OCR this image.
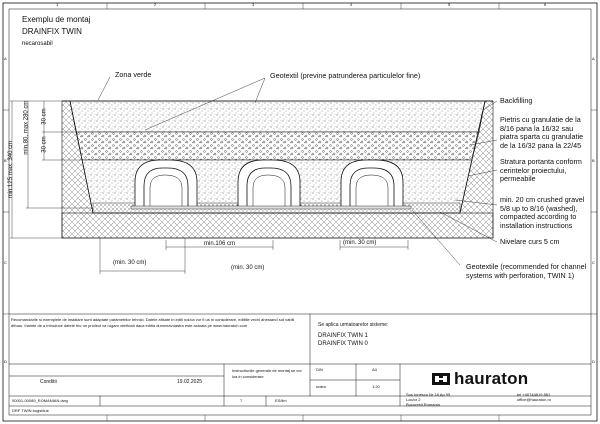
1	2	3	4	5	6
A
B
C
D
A
B
C
D
Exemplu de montaj
DRAINFIX TWIN
necarosabil
Zona verde	Geotextil (previne patrunderea particulelor fine)
Backfilling
Pietris cu granulatie de la 8/16 pana la 16/32 sau piatra sparta cu granulatie de la 16/32 pana la 22/45
Stratura portanta conform cerintelor proiectului, permeabile
min. 20 cm crushed gravel 5/8 up to 8/16 (washed), compacted according to installation instructions
Nivelare curs 5 cm
Geotextile (recommended for channel systems with perforation, TWIN 1)
min.125 max. 340 cm
min.80, max 280 cm 30 cm
30 cm
(min. 30 cm)
min.106 cm	(min. 30 cm)
(min. 30 cm)
Recomandarile si exemplele de instalare sunt adaptate parametrilor tehnici. Datele afisate in edtii noi/ca vor fi us in considerare, editiile vechi ahestand sut vabili dtfoau. Inainte de a introduce datele trio un priolect va rugam verificati daca editia dumneavoastra este actuala pe www.hauraton.com	Se aplica urmatoarelor sisteme:
DRAINFIX TWIN 1
DRAINFIX TWIN 0
Conditii	19.02.2025
Instructiunile generale de montaj se vor lua in considerare
DIN	A4
scara	1:20
00001-00089_ROMANIAN.dwg	7	ES/lim
DRF TWIN bugsblue
hauraton
Sos Ionescu Nr 18 Ap 95
Loc/or 2
Bucuresti Romania
tel +40744819 881
office@hauraton.ro
